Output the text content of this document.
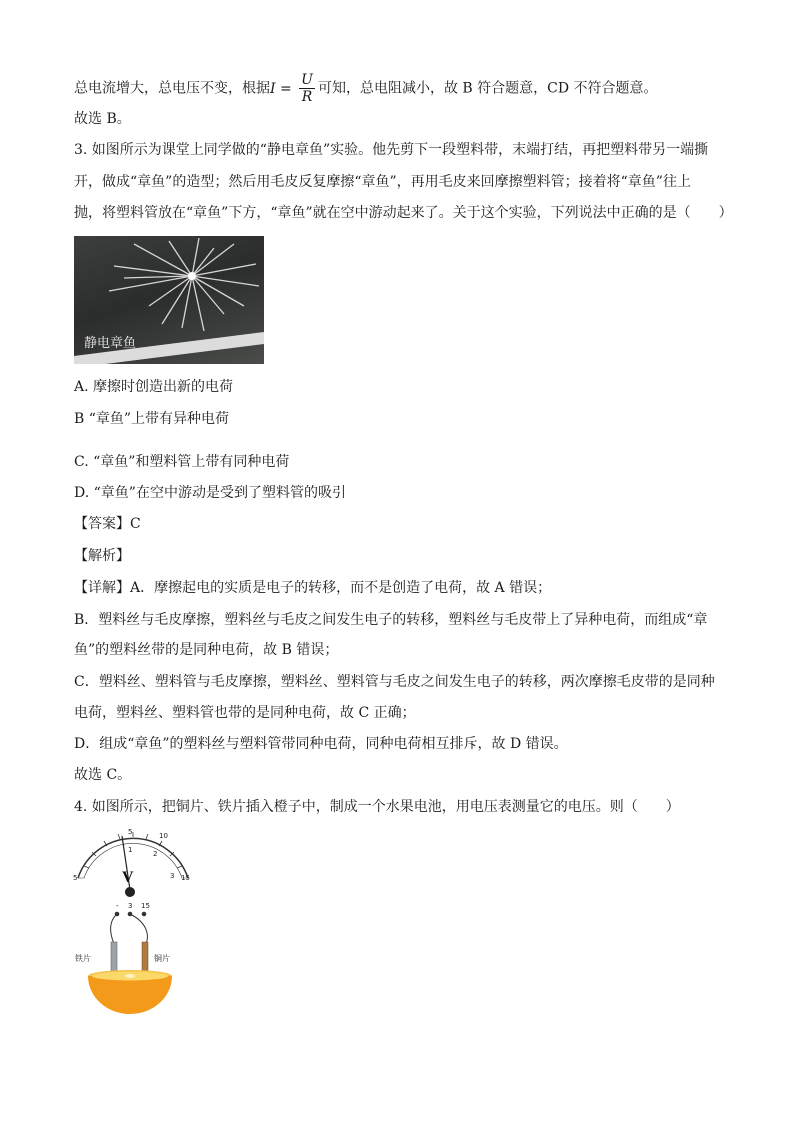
总电流增大，总电压不变，根据$I = \frac{U}{R}$ 可知，总电阻减小，故 B 符合题意，CD 不符合题意。
故选 B。
3. 如图所示为课堂上同学做的“静电章鱼”实验。他先剪下一段塑料带，末端打结，再把塑料带另一端撕
开，做成“章鱼”的造型；然后用毛皮反复摩擦“章鱼”，再用毛皮来回摩擦塑料管；接着将“章鱼”往上
抛，将塑料管放在“章鱼”下方，“章鱼”就在空中游动起来了。关于这个实验，下列说法中正确的是（　　）
静电章鱼
A. 摩擦时创造出新的电荷
B “章鱼”上带有异种电荷
C. “章鱼”和塑料管上带有同种电荷
D. “章鱼”在空中游动是受到了塑料管的吸引
【答案】C
【解析】
【详解】A．摩擦起电的实质是电子的转移，而不是创造了电荷，故 A 错误；
B．塑料丝与毛皮摩擦，塑料丝与毛皮之间发生电子的转移，塑料丝与毛皮带上了异种电荷，而组成“章
鱼”的塑料丝带的是同种电荷，故 B 错误；
C．塑料丝、塑料管与毛皮摩擦，塑料丝、塑料管与毛皮之间发生电子的转移，两次摩擦毛皮带的是同种
电荷，塑料丝、塑料管也带的是同种电荷，故 C 正确；
D．组成“章鱼”的塑料丝与塑料管带同种电荷，同种电荷相互排斥，故 D 错误。
故选 C。
4. 如图所示，把铜片、铁片插入橙子中，制成一个水果电池，用电压表测量它的电压。则（　　）
5	10
15
5
1	2
3
V
- 3 15
铁片	铜片
